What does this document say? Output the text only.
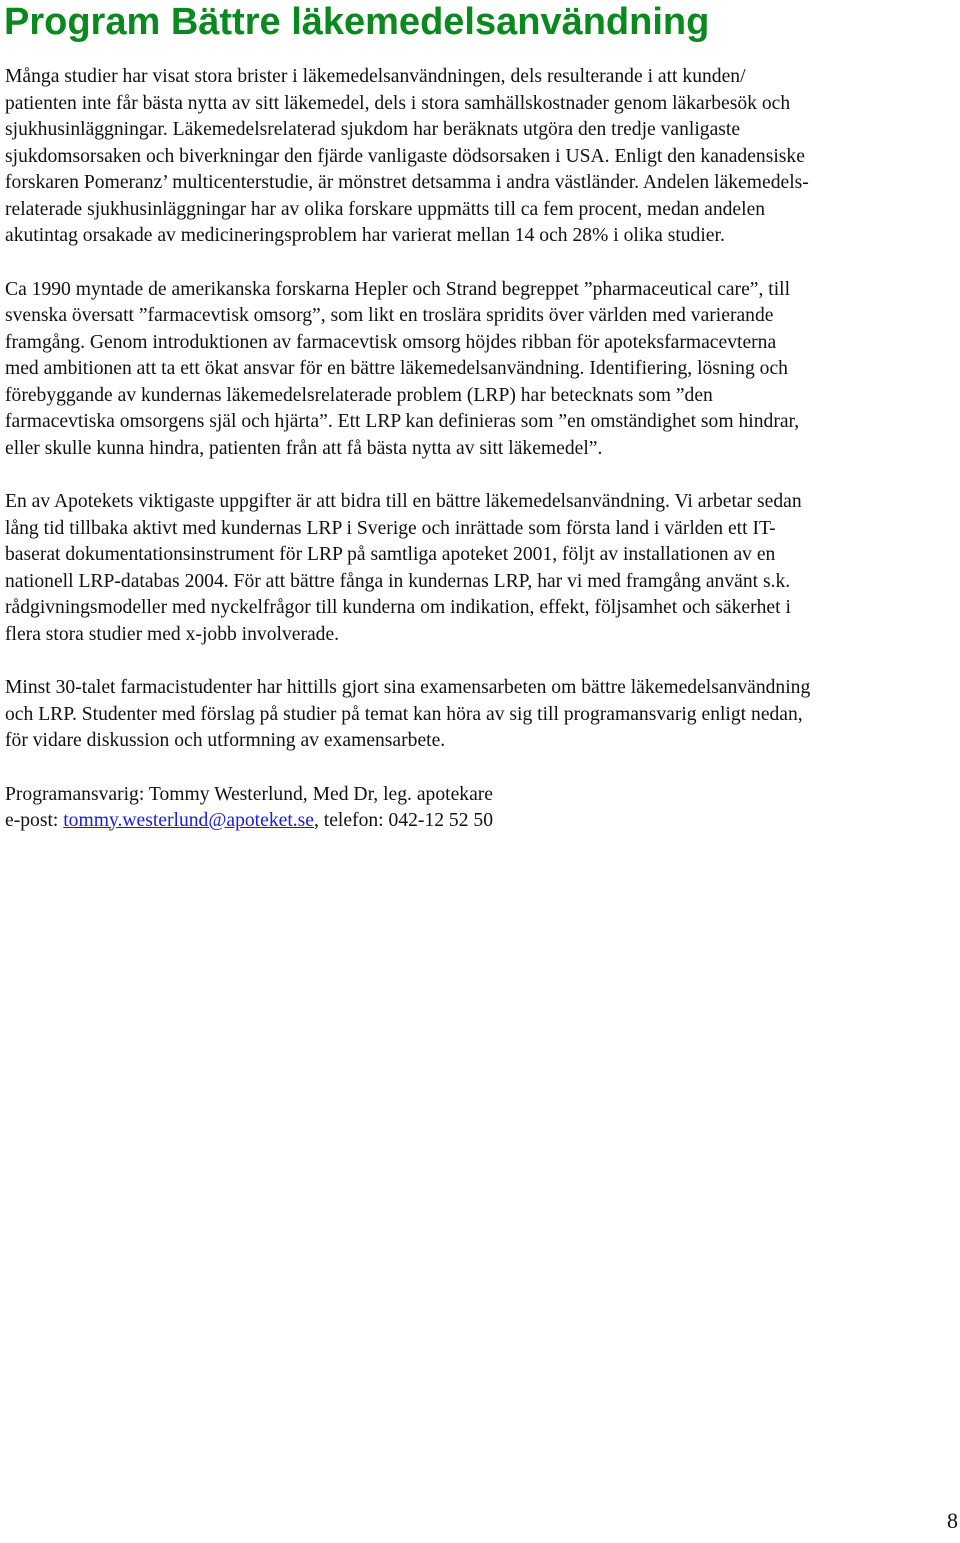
Program Bättre läkemedelsanvändning

Många studier har visat stora brister i läkemedelsanvändningen, dels resulterande i att kunden/
patienten inte får bästa nytta av sitt läkemedel, dels i stora samhällskostnader genom läkarbesök och
sjukhusinläggningar. Läkemedelsrelaterad sjukdom har beräknats utgöra den tredje vanligaste
sjukdomsorsaken och biverkningar den fjärde vanligaste dödsorsaken i USA. Enligt den kanadensiske
forskaren Pomeranz’ multicenterstudie, är mönstret detsamma i andra västländer. Andelen läkemedels-
relaterade sjukhusinläggningar har av olika forskare uppmätts till ca fem procent, medan andelen
akutintag orsakade av medicineringsproblem har varierat mellan 14 och 28% i olika studier.

Ca 1990 myntade de amerikanska forskarna Hepler och Strand begreppet ”pharmaceutical care”, till
svenska översatt ”farmacevtisk omsorg”, som likt en troslära spridits över världen med varierande
framgång. Genom introduktionen av farmacevtisk omsorg höjdes ribban för apoteksfarmacevterna
med ambitionen att ta ett ökat ansvar för en bättre läkemedelsanvändning. Identifiering, lösning och
förebyggande av kundernas läkemedelsrelaterade problem (LRP) har betecknats som ”den
farmacevtiska omsorgens själ och hjärta”. Ett LRP kan definieras som ”en omständighet som hindrar,
eller skulle kunna hindra, patienten från att få bästa nytta av sitt läkemedel”.

En av Apotekets viktigaste uppgifter är att bidra till en bättre läkemedelsanvändning. Vi arbetar sedan
lång tid tillbaka aktivt med kundernas LRP i Sverige och inrättade som första land i världen ett IT-
baserat dokumentationsinstrument för LRP på samtliga apoteket 2001, följt av installationen av en
nationell LRP-databas 2004. För att bättre fånga in kundernas LRP, har vi med framgång använt s.k.
rådgivningsmodeller med nyckelfrågor till kunderna om indikation, effekt, följsamhet och säkerhet i
flera stora studier med x-jobb involverade.

Minst 30-talet farmacistudenter har hittills gjort sina examensarbeten om bättre läkemedelsanvändning
och LRP. Studenter med förslag på studier på temat kan höra av sig till programansvarig enligt nedan,
för vidare diskussion och utformning av examensarbete.

Programansvarig: Tommy Westerlund, Med Dr, leg. apotekare
e-post: tommy.westerlund@apoteket.se, telefon: 042-12 52 50
8
